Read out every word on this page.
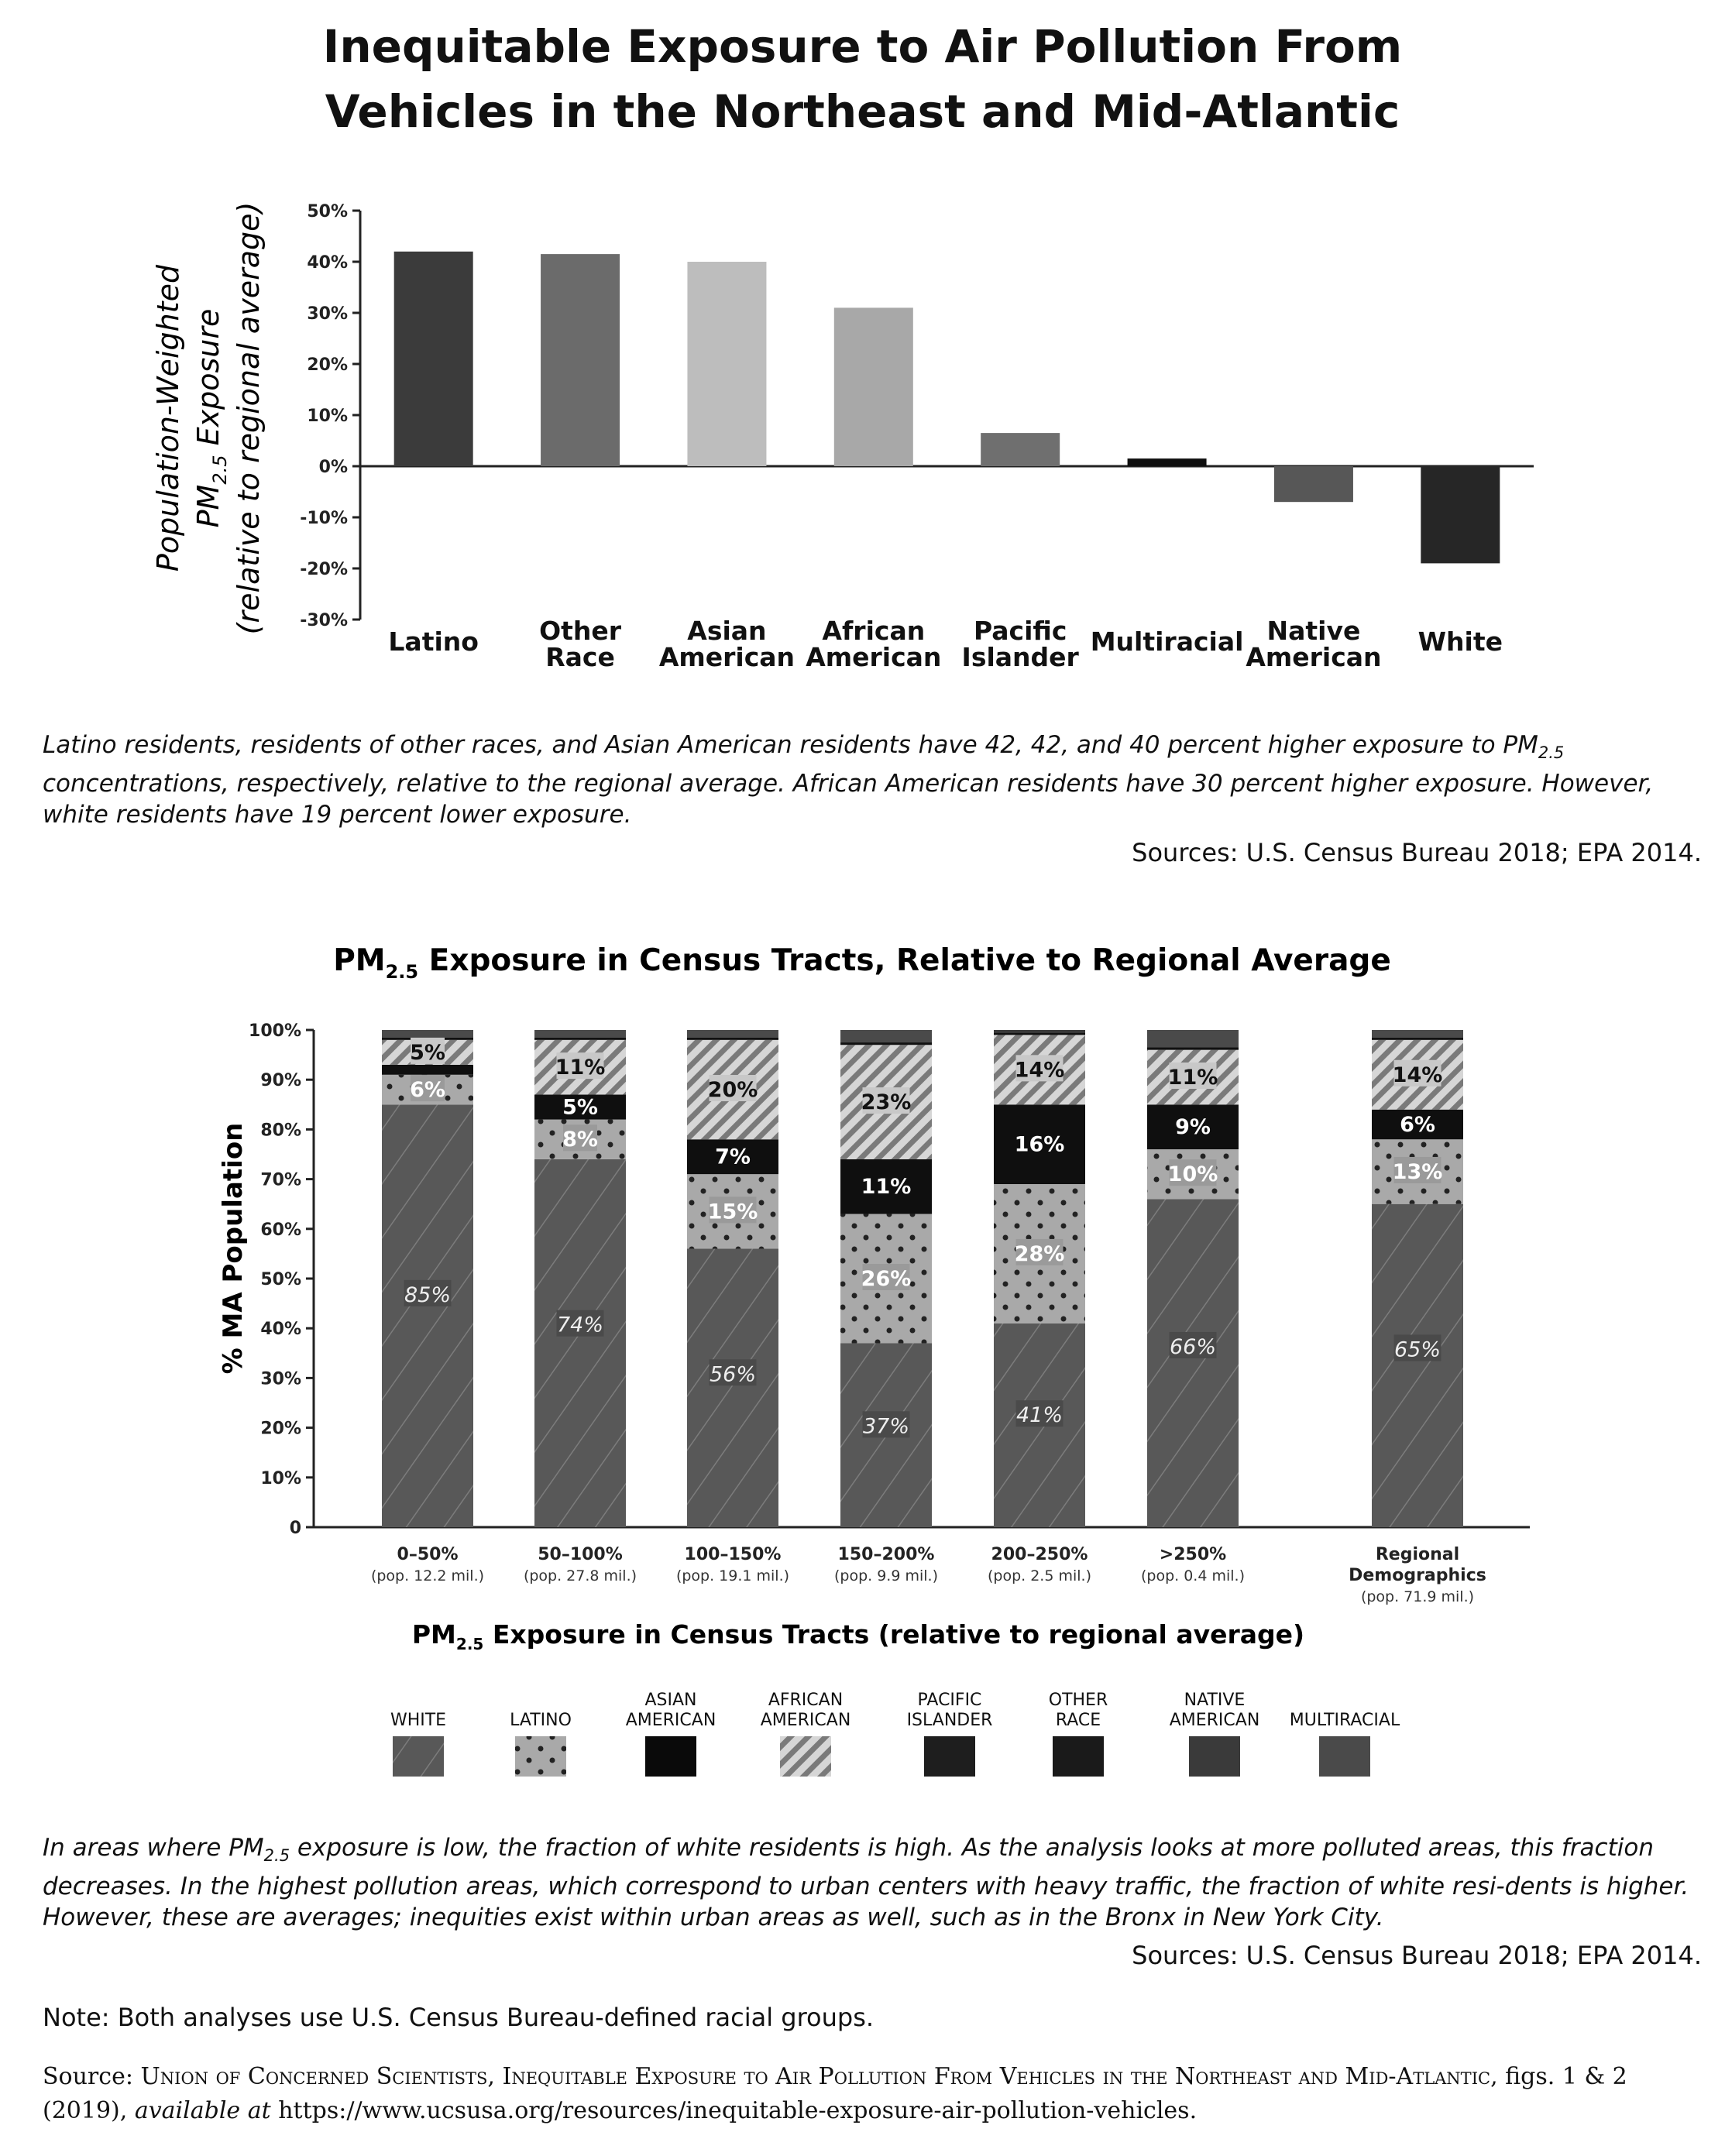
Inequitable Exposure to Air Pollution From
Vehicles in the Northeast and Mid-Atlantic
Population-Weighted $PM_{2.5}$ Exposure (relative to regional average) 50%
40%
30%
20%
10%
0%
-10%
-20%
-30%
Latino Other Race
Asian American
African American
Pacific Islander
Multiracial Native American
White
Latino residents, residents of other races, and Asian American residents have 42, 42, and 40 percent higher exposure to $PM_{2.5}$ concentrations, respectively, relative to the regional average. African American residents have 30 percent higher exposure. However, white residents have 19 percent lower exposure.
Sources: U.S. Census Bureau 2018; EPA 2014.
$PM_{2.5}$ Exposure in Census Tracts, Relative to Regional Average
% MA Population
0
10%
20%
30%
40%
50%
60%
70%
80%
90%
100%
85%
6%
5%
74%
8%
5%
11%
56%
15%
7%
20%
37%
26%
11%
23%
41%
28%
16%
14%
66%
10%
9%
11%
65%
13%
6%
14%
0–50%
(pop. 12.2 mil.)
50–100%
(pop. 27.8 mil.)
100–150%
(pop. 19.1 mil.)
150–200%
(pop. 9.9 mil.)
200–250%
(pop. 2.5 mil.)
>250%
(pop. 0.4 mil.)
Regional Demographics
(pop. 71.9 mil.)
$PM_{2.5}$ Exposure in Census Tracts (relative to regional average)
WHITE	LATINO
ASIAN AMERICAN
AFRICAN AMERICAN
PACIFIC ISLANDER
OTHER RACE
NATIVE AMERICAN MULTIRACIAL
In areas where $PM_{2.5}$ exposure is low, the fraction of white residents is high. As the analysis looks at more polluted areas, this fraction decreases. In the highest pollution areas, which correspond to urban centers with heavy traffic, the fraction of white resi-dents is higher. However, these are averages; inequities exist within urban areas as well, such as in the Bronx in New York City.
Sources: U.S. Census Bureau 2018; EPA 2014.
Note: Both analyses use U.S. Census Bureau-defined racial groups.
Source: Union of Concerned Scientists, Inequitable Exposure to Air Pollution From Vehicles in the Northeast and Mid-Atlantic, figs. 1 & 2 (2019), available at https://www.ucsusa.org/resources/inequitable-exposure-air-pollution-vehicles.
